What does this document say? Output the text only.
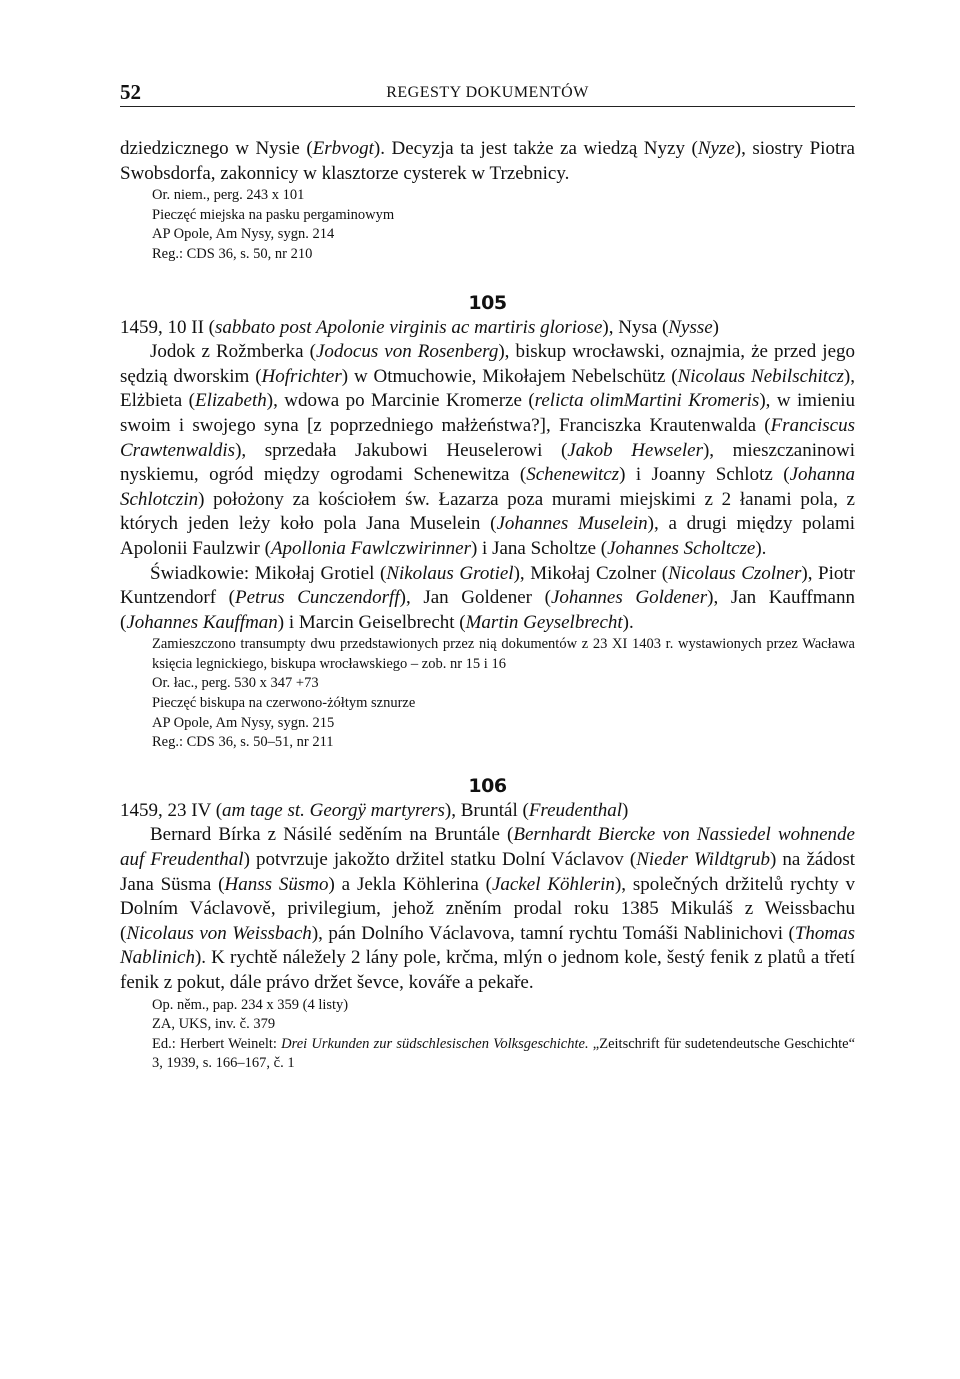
52	REGESTY DOKUMENTÓW

dziedzicznego w Nysie (Erbvogt). Decyzja ta jest także za wiedzą Nyzy (Nyze), siostry Piotra Swobsdorfa, zakonnicy w klasztorze cysterek w Trzebnicy.

Or. niem., perg. 243 x 101
Pieczęć miejska na pasku pergaminowym
AP Opole, Am Nysy, sygn. 214
Reg.: CDS 36, s. 50, nr 210
105

1459, 10 II (sabbato post Apolonie virginis ac martiris gloriose), Nysa (Nysse)

Jodok z Rožmberka (Jodocus von Rosenberg), biskup wrocławski, oznajmia, że przed jego sędzią dworskim (Hofrichter) w Otmuchowie, Mikołajem Nebelschütz (Nicolaus Nebilschitcz), Elżbieta (Elizabeth), wdowa po Marcinie Kromerze (relicta olimMartini Kromeris), w imieniu swoim i swojego syna [z poprzedniego małżeństwa?], Franciszka Krautenwalda (Franciscus Crawtenwaldis), sprzedała Jakubowi Heuselerowi (Jakob Hewseler), mieszczaninowi nyskiemu, ogród między ogrodami Schenewitza (Schenewitcz) i Joanny Schlotz (Johanna Schlotczin) położony za kościołem św. Łazarza poza murami miejskimi z 2 łanami pola, z których jeden leży koło pola Jana Muselein (Johannes Muselein), a drugi między polami Apolonii Faulzwir (Apollonia Fawlczwirinner) i Jana Scholtze (Johannes Scholtcze).

Świadkowie: Mikołaj Grotiel (Nikolaus Grotiel), Mikołaj Czolner (Nicolaus Czolner), Piotr Kuntzendorf (Petrus Cunczendorff), Jan Goldener (Johannes Goldener), Jan Kauffmann (Johannes Kauffman) i Marcin Geiselbrecht (Martin Geyselbrecht).

Zamieszczono transumpty dwu przedstawionych przez nią dokumentów z 23 XI 1403 r. wystawionych przez Wacława księcia legnickiego, biskupa wrocławskiego – zob. nr 15 i 16
Or. łac., perg. 530 x 347 +73
Pieczęć biskupa na czerwono-żółtym sznurze
AP Opole, Am Nysy, sygn. 215
Reg.: CDS 36, s. 50–51, nr 211
106

1459, 23 IV (am tage st. Georgÿ martyrers), Bruntál (Freudenthal)

Bernard Bírka z Násilé seděním na Bruntále (Bernhardt Biercke von Nassiedel wohnende auf Freudenthal) potvrzuje jakožto držitel statku Dolní Václavov (Nieder Wildtgrub) na žádost Jana Süsma (Hanss Süsmo) a Jekla Köhlerina (Jackel Köhlerin), společných držitelů rychty v Dolním Václavově, privilegium, jehož zněním prodal roku 1385 Mikuláš z Weissbachu (Nicolaus von Weissbach), pán Dolního Václavova, tamní rychtu Tomáši Nablinichovi (Thomas Nablinich). K rychtě náležely 2 lány pole, krčma, mlýn o jednom kole, šestý fenik z platů a třetí fenik z pokut, dále právo držet ševce, kováře a pekaře.

Op. něm., pap. 234 x 359 (4 listy)
ZA, UKS, inv. č. 379
Ed.: Herbert Weinelt: Drei Urkunden zur südschlesischen Volksgeschichte. „Zeitschrift für sudetendeutsche Geschichte“ 3, 1939, s. 166–167, č. 1
